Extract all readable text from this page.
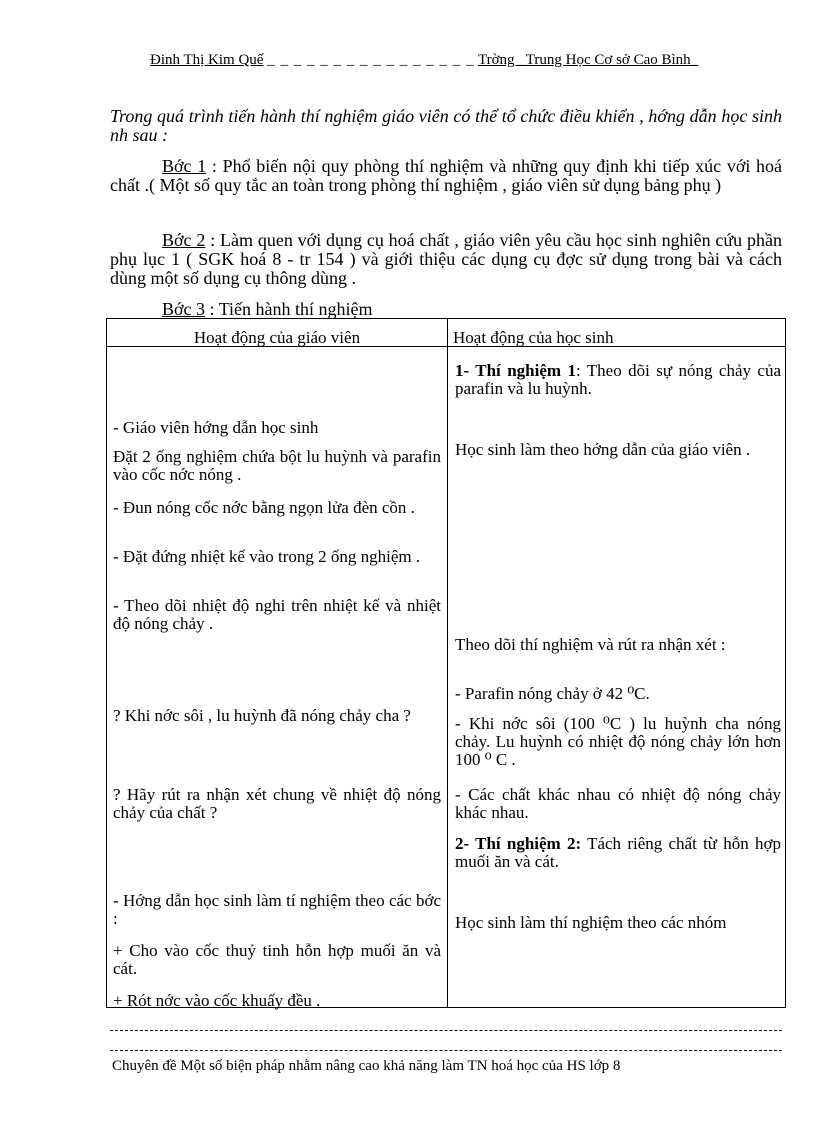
Đinh Thị Kim Quế _ _ _ _ _ _ _ _ _ _ _ _ _ _ _ _ Trờng _Trung Học Cơ sở Cao Bình_

Trong quá trình tiến hành thí nghiệm giáo viên có thể tổ chức điều khiển , hớng dẫn học sinh nh sau :

Bớc 1 : Phổ biến nội quy phòng thí nghiệm và những quy định khi tiếp xúc với hoá chất .( Một số quy tắc an toàn trong phòng thí nghiệm , giáo viên sử dụng bảng phụ )

Bớc 2 : Làm quen với dụng cụ hoá chất , giáo viên yêu cầu học sinh nghiên cứu phần phụ lục 1 ( SGK hoá 8 - tr 154 ) và giới thiệu các dụng cụ đợc sử dụng trong bài và cách dùng một số dụng cụ thông dùng .

Bớc 3 : Tiến hành thí nghiệm

Hoạt động của giáo viên	Hoạt động của học sinh
- Giáo viên hớng dẫn học sinh
Đặt 2 ống nghiệm chứa bột lu huỳnh và parafin vào cốc nớc nóng .
- Đun nóng cốc nớc bằng ngọn lửa đèn cồn .
- Đặt đứng nhiệt kế vào trong 2 ống nghiệm .
- Theo dõi nhiệt độ nghi trên nhiệt kế và nhiệt độ nóng chảy .
? Khi nớc sôi , lu huỳnh đã nóng chảy cha ?
? Hãy rút ra nhận xét chung về nhiệt độ nóng chảy của chất ?
- Hớng dẫn học sinh làm tí nghiệm theo các bớc :
+ Cho vào cốc thuỷ tinh hỗn hợp muối ăn và cát.
+ Rót nớc vào cốc khuấy đều .
1- Thí nghiệm 1: Theo dõi sự nóng chảy của parafin và lu huỳnh.
Học sinh làm theo hớng dẫn của giáo viên .
Theo dõi thí nghiệm và rút ra nhận xét :
- Parafin nóng chảy ở 42 ⁰C.
- Khi nớc sôi (100 ⁰C ) lu huỳnh cha nóng chảy. Lu huỳnh có nhiệt độ nóng chảy lớn hơn 100 ⁰ C .
- Các chất khác nhau có nhiệt độ nóng chảy khác nhau.
2- Thí nghiệm 2: Tách riêng chất từ hỗn hợp muối ăn và cát.
Học sinh làm thí nghiệm theo các nhóm
Chuyên đề Một số biện pháp nhằm nâng cao khả năng làm TN hoá học của HS lớp 8
